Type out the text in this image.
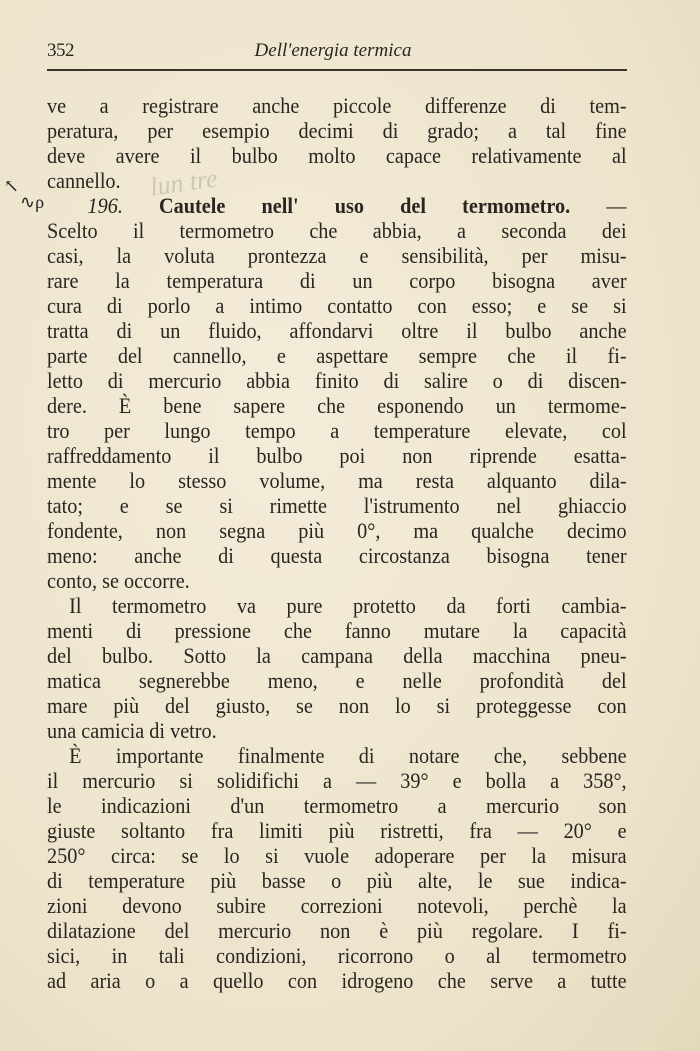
352	Dell'energia termica
lun tre
↖
∿ρ
ve a registrare anche piccole differenze di tem-
peratura, per esempio decimi di grado; a tal fine
deve avere il bulbo molto capace relativamente al
cannello.
196. Cautele nell' uso del termometro. —
Scelto il termometro che abbia, a seconda dei
casi, la voluta prontezza e sensibilità, per misu-
rare la temperatura di un corpo bisogna aver
cura di porlo a intimo contatto con esso; e se si
tratta di un fluido, affondarvi oltre il bulbo anche
parte del cannello, e aspettare sempre che il fi-
letto di mercurio abbia finito di salire o di discen-
dere. È bene sapere che esponendo un termome-
tro per lungo tempo a temperature elevate, col
raffreddamento il bulbo poi non riprende esatta-
mente lo stesso volume, ma resta alquanto dila-
tato; e se si rimette l'istrumento nel ghiaccio
fondente, non segna più 0°, ma qualche decimo
meno: anche di questa circostanza bisogna tener
conto, se occorre.
Il termometro va pure protetto da forti cambia-
menti di pressione che fanno mutare la capacità
del bulbo. Sotto la campana della macchina pneu-
matica segnerebbe meno, e nelle profondità del
mare più del giusto, se non lo si proteggesse con
una camicia di vetro.
È importante finalmente di notare che, sebbene
il mercurio si solidifichi a — 39° e bolla a 358°,
le indicazioni d'un termometro a mercurio son
giuste soltanto fra limiti più ristretti, fra — 20° e
250° circa: se lo si vuole adoperare per la misura
di temperature più basse o più alte, le sue indica-
zioni devono subire correzioni notevoli, perchè la
dilatazione del mercurio non è più regolare. I fi-
sici, in tali condizioni, ricorrono o al termometro
ad aria o a quello con idrogeno che serve a tutte
